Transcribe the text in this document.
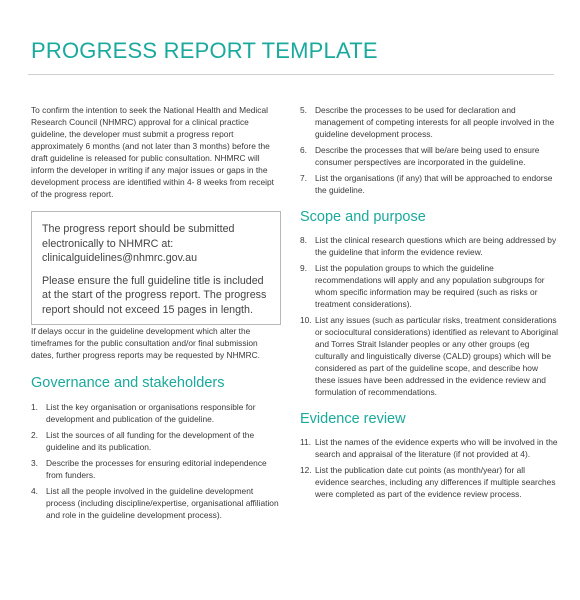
PROGRESS REPORT TEMPLATE

To confirm the intention to seek the National Health and Medical Research Council (NHMRC) approval for a clinical practice guideline, the developer must submit a progress report approximately 6 months (and not later than 3 months) before the draft guideline is released for public consultation. NHMRC will inform the developer in writing if any major issues or gaps in the development process are identified within 4- 8 weeks from receipt of the progress report.

The progress report should be submitted electronically to NHMRC at: clinicalguidelines@nhmrc.gov.au

Please ensure the full guideline title is included at the start of the progress report. The progress report should not exceed 15 pages in length.

If delays occur in the guideline development which alter the timeframes for the public consultation and/or final submission dates, further progress reports may be requested by NHMRC.

Governance and stakeholders
1. List the key organisation or organisations responsible for development and publication of the guideline.
2. List the sources of all funding for the development of the guideline and its publication.
3. Describe the processes for ensuring editorial independence from funders.
4. List all the people involved in the guideline development process (including discipline/expertise, organisational affiliation and role in the guideline development process).
5. Describe the processes to be used for declaration and management of competing interests for all people involved in the guideline development process.
6. Describe the processes that will be/are being used to ensure consumer perspectives are incorporated in the guideline.
7. List the organisations (if any) that will be approached to endorse the guideline.
Scope and purpose
8. List the clinical research questions which are being addressed by the guideline that inform the evidence review.
9. List the population groups to which the guideline recommendations will apply and any population subgroups for whom specific information may be required (such as risks or treatment considerations).
10. List any issues (such as particular risks, treatment considerations or sociocultural considerations) identified as relevant to Aboriginal and Torres Strait Islander peoples or any other groups (eg culturally and linguistically diverse (CALD) groups) which will be considered as part of the guideline scope, and describe how these issues have been addressed in the evidence review and formulation of recommendations.
Evidence review
11. List the names of the evidence experts who will be involved in the search and appraisal of the literature (if not provided at 4).
12. List the publication date cut points (as month/year) for all evidence searches, including any differences if multiple searches were completed as part of the evidence review process.
